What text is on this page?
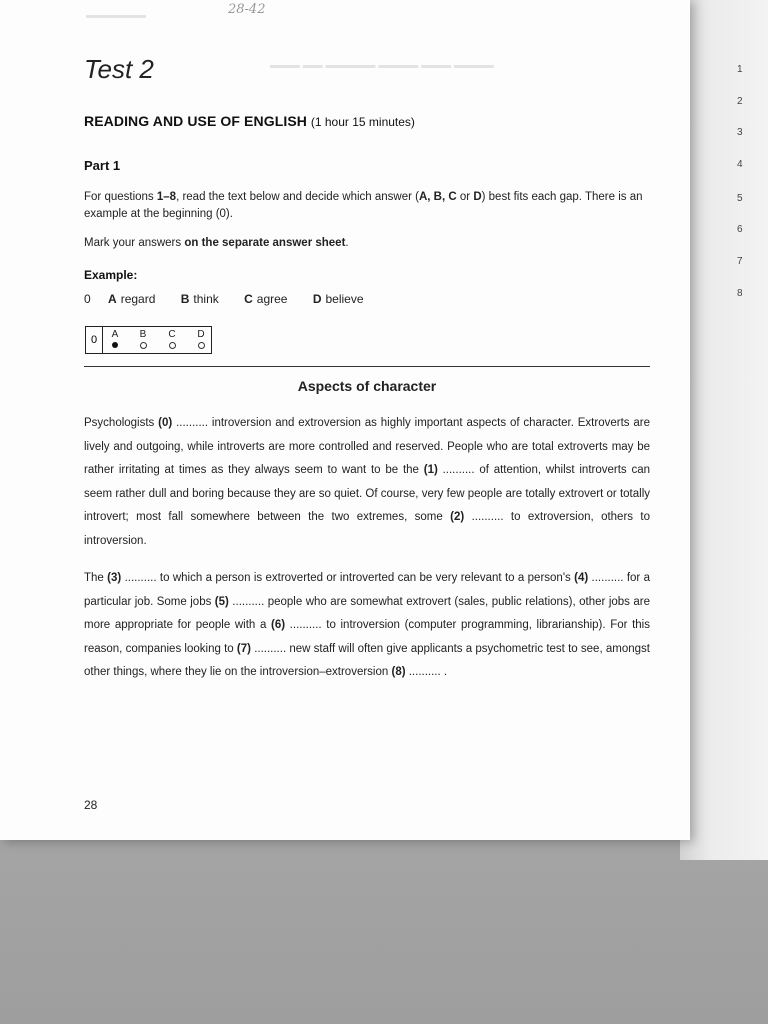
▬▬▬ ▬▬ ▬▬▬▬▬ ▬▬▬▬ ▬▬▬ ▬▬▬▬
▬▬▬▬▬▬	28-42
1
2
3
4
5
6
7
8
Test 2
READING AND USE OF ENGLISH (1 hour 15 minutes)
Part 1
For questions 1–8, read the text below and decide which answer (A, B, C or D) best fits each gap. There is an example at the beginning (0).
Mark your answers on the separate answer sheet.
Example:
0 A regard B think C agree D believe
0	A	B	C	D
Aspects of character
Psychologists (0) .......... introversion and extroversion as highly important aspects of character. Extroverts are lively and outgoing, while introverts are more controlled and reserved. People who are total extroverts may be rather irritating at times as they always seem to want to be the (1) .......... of attention, whilst introverts can seem rather dull and boring because they are so quiet. Of course, very few people are totally extrovert or totally introvert; most fall somewhere between the two extremes, some (2) .......... to extroversion, others to introversion.
The (3) .......... to which a person is extroverted or introverted can be very relevant to a person's (4) .......... for a particular job. Some jobs (5) .......... people who are somewhat extrovert (sales, public relations), other jobs are more appropriate for people with a (6) .......... to introversion (computer programming, librarianship). For this reason, companies looking to (7) .......... new staff will often give applicants a psychometric test to see, amongst other things, where they lie on the introversion–extroversion (8) .......... .
28
